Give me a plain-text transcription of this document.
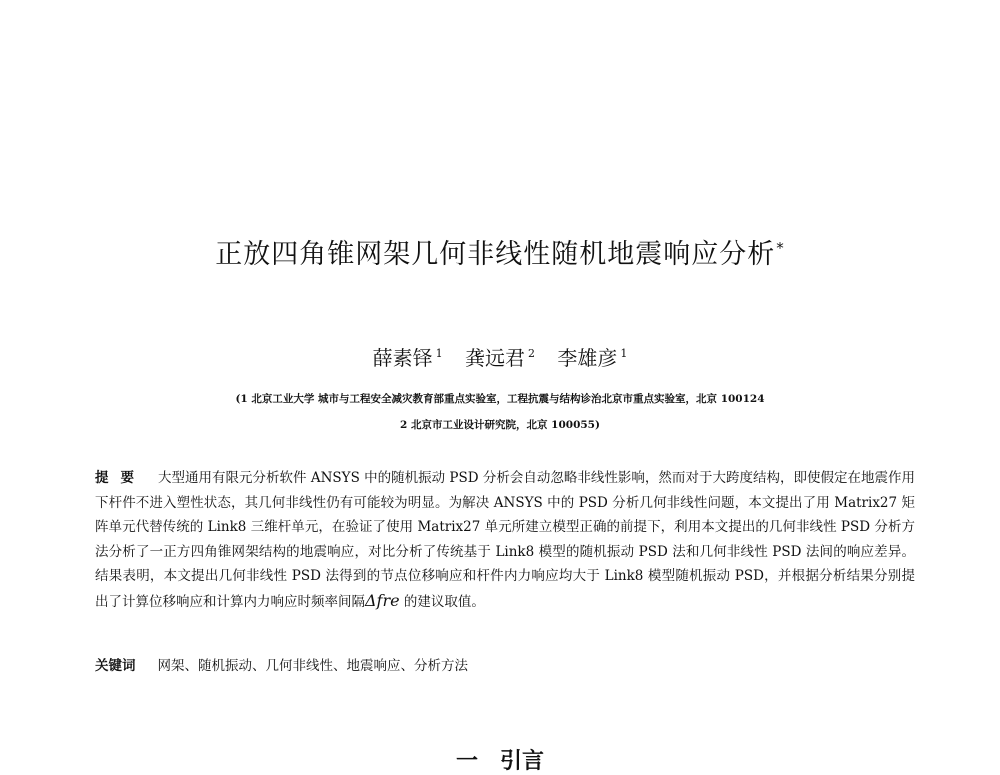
正放四角锥网架几何非线性随机地震响应分析*
薛素铎 $^1$ 龚远君 $^2$ 李雄彦 $^1$
(1 北京工业大学 城市与工程安全减灾教育部重点实验室，工程抗震与结构诊治北京市重点实验室，北京 100124
2 北京市工业设计研究院，北京 100055)
提要 大型通用有限元分析软件 ANSYS 中的随机振动 PSD 分析会自动忽略非线性影响，然而对于大跨度结构，即使假定在地震作用下杆件不进入塑性状态，其几何非线性仍有可能较为明显。为解决 ANSYS 中的 PSD 分析几何非线性问题，本文提出了用 Matrix27 矩阵单元代替传统的 Link8 三维杆单元，在验证了使用 Matrix27 单元所建立模型正确的前提下，利用本文提出的几何非线性 PSD 分析方法分析了一正方四角锥网架结构的地震响应，对比分析了传统基于 Link8 模型的随机振动 PSD 法和几何非线性 PSD 法间的响应差异。结果表明，本文提出几何非线性 PSD 法得到的节点位移响应和杆件内力响应均大于 Link8 模型随机振动 PSD，并根据分析结果分别提出了计算位移响应和计算内力响应时频率间隔Δfre 的建议取值。
关键词 网架、随机振动、几何非线性、地震响应、分析方法
一 引言
